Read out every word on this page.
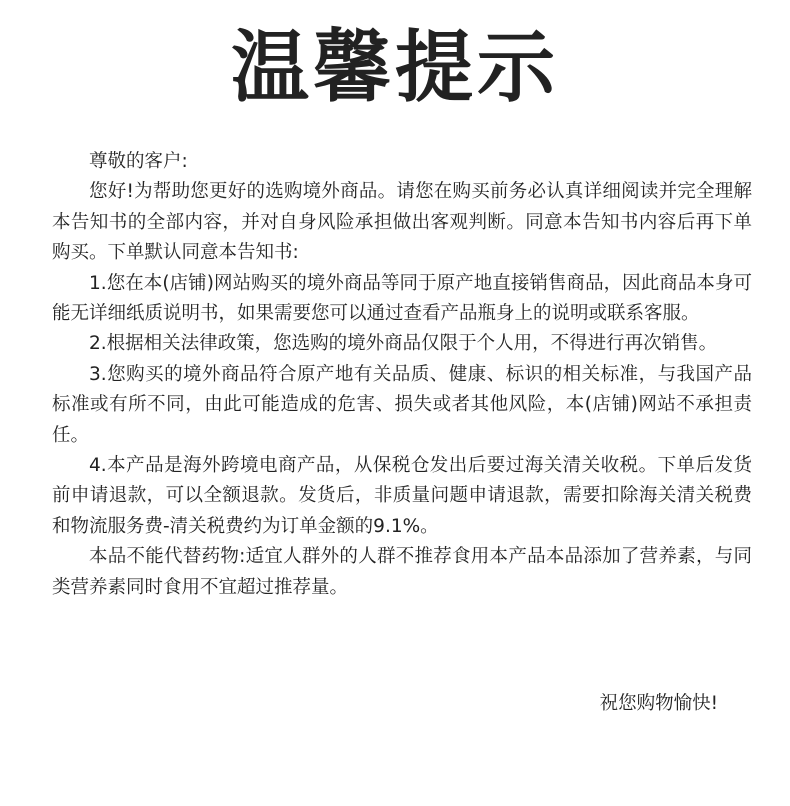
温馨提示

尊敬的客户:

您好!为帮助您更好的选购境外商品。请您在购买前务必认真详细阅读并完全理解本告知书的全部内容，并对自身风险承担做出客观判断。同意本告知书内容后再下单购买。下单默认同意本告知书:

1.您在本(店铺)网站购买的境外商品等同于原产地直接销售商品，因此商品本身可能无详细纸质说明书，如果需要您可以通过查看产品瓶身上的说明或联系客服。

2.根据相关法律政策，您选购的境外商品仅限于个人用，不得进行再次销售。

3.您购买的境外商品符合原产地有关品质、健康、标识的相关标准，与我国产品标准或有所不同，由此可能造成的危害、损失或者其他风险，本(店铺)网站不承担责任。

4.本产品是海外跨境电商产品，从保税仓发出后要过海关清关收税。下单后发货前申请退款，可以全额退款。发货后，非质量问题申请退款，需要扣除海关清关税费和物流服务费-清关税费约为订单金额的9.1%。

本品不能代替药物:适宜人群外的人群不推荐食用本产品本品添加了营养素，与同类营养素同时食用不宜超过推荐量。

祝您购物愉快!
